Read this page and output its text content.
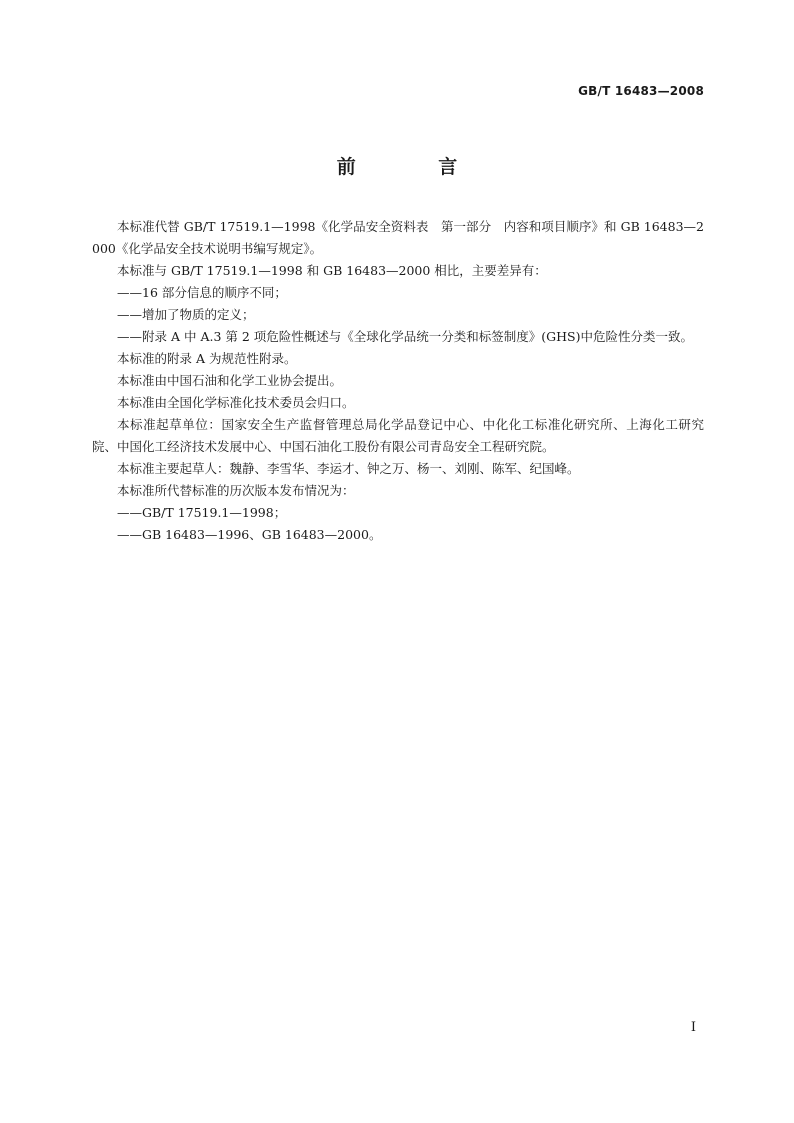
GB/T 16483—2008
前 言

本标准代替 GB/T 17519.1—1998《化学品安全资料表　第一部分　内容和项目顺序》和 GB 16483—2000《化学品安全技术说明书编写规定》。

本标准与 GB/T 17519.1—1998 和 GB 16483—2000 相比，主要差异有：

——16 部分信息的顺序不同；

——增加了物质的定义；

——附录 A 中 A.3 第 2 项危险性概述与《全球化学品统一分类和标签制度》(GHS)中危险性分类一致。

本标准的附录 A 为规范性附录。

本标准由中国石油和化学工业协会提出。

本标准由全国化学标准化技术委员会归口。

本标准起草单位：国家安全生产监督管理总局化学品登记中心、中化化工标准化研究所、上海化工研究院、中国化工经济技术发展中心、中国石油化工股份有限公司青岛安全工程研究院。

本标准主要起草人：魏静、李雪华、李运才、钟之万、杨一、刘刚、陈军、纪国峰。

本标准所代替标准的历次版本发布情况为：

——GB/T 17519.1—1998；

——GB 16483—1996、GB 16483—2000。

I
